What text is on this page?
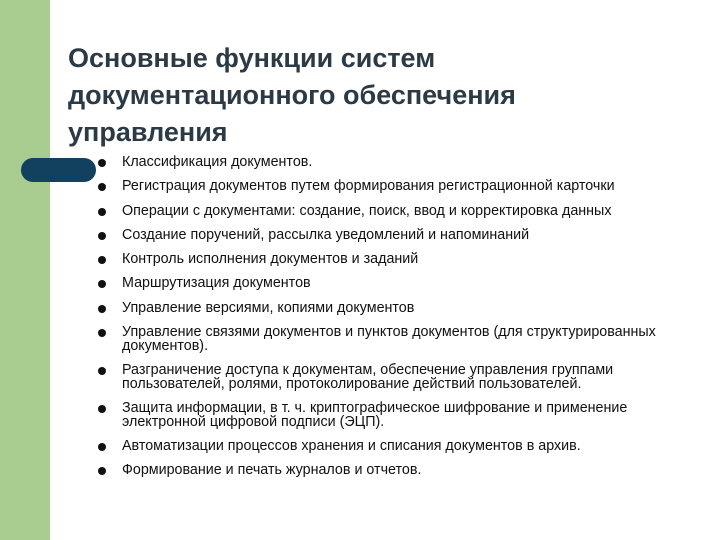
Основные функции систем
документационного обеспечения
управления
Классификация документов.
Регистрация документов путем формирования регистрационной карточки
Операции с документами: создание, поиск, ввод и корректировка данных
Создание поручений, рассылка уведомлений и напоминаний
Контроль исполнения документов и заданий
Маршрутизация документов
Управление версиями, копиями документов
Управление связями документов и пунктов документов (для структурированных документов).
Разграничение доступа к документам, обеспечение управления группами пользователей, ролями, протоколирование действий пользователей.
Защита информации, в т. ч. криптографическое шифрование и применение электронной цифровой подписи (ЭЦП).
Автоматизации процессов хранения и списания документов в архив.
Формирование и печать журналов и отчетов.
